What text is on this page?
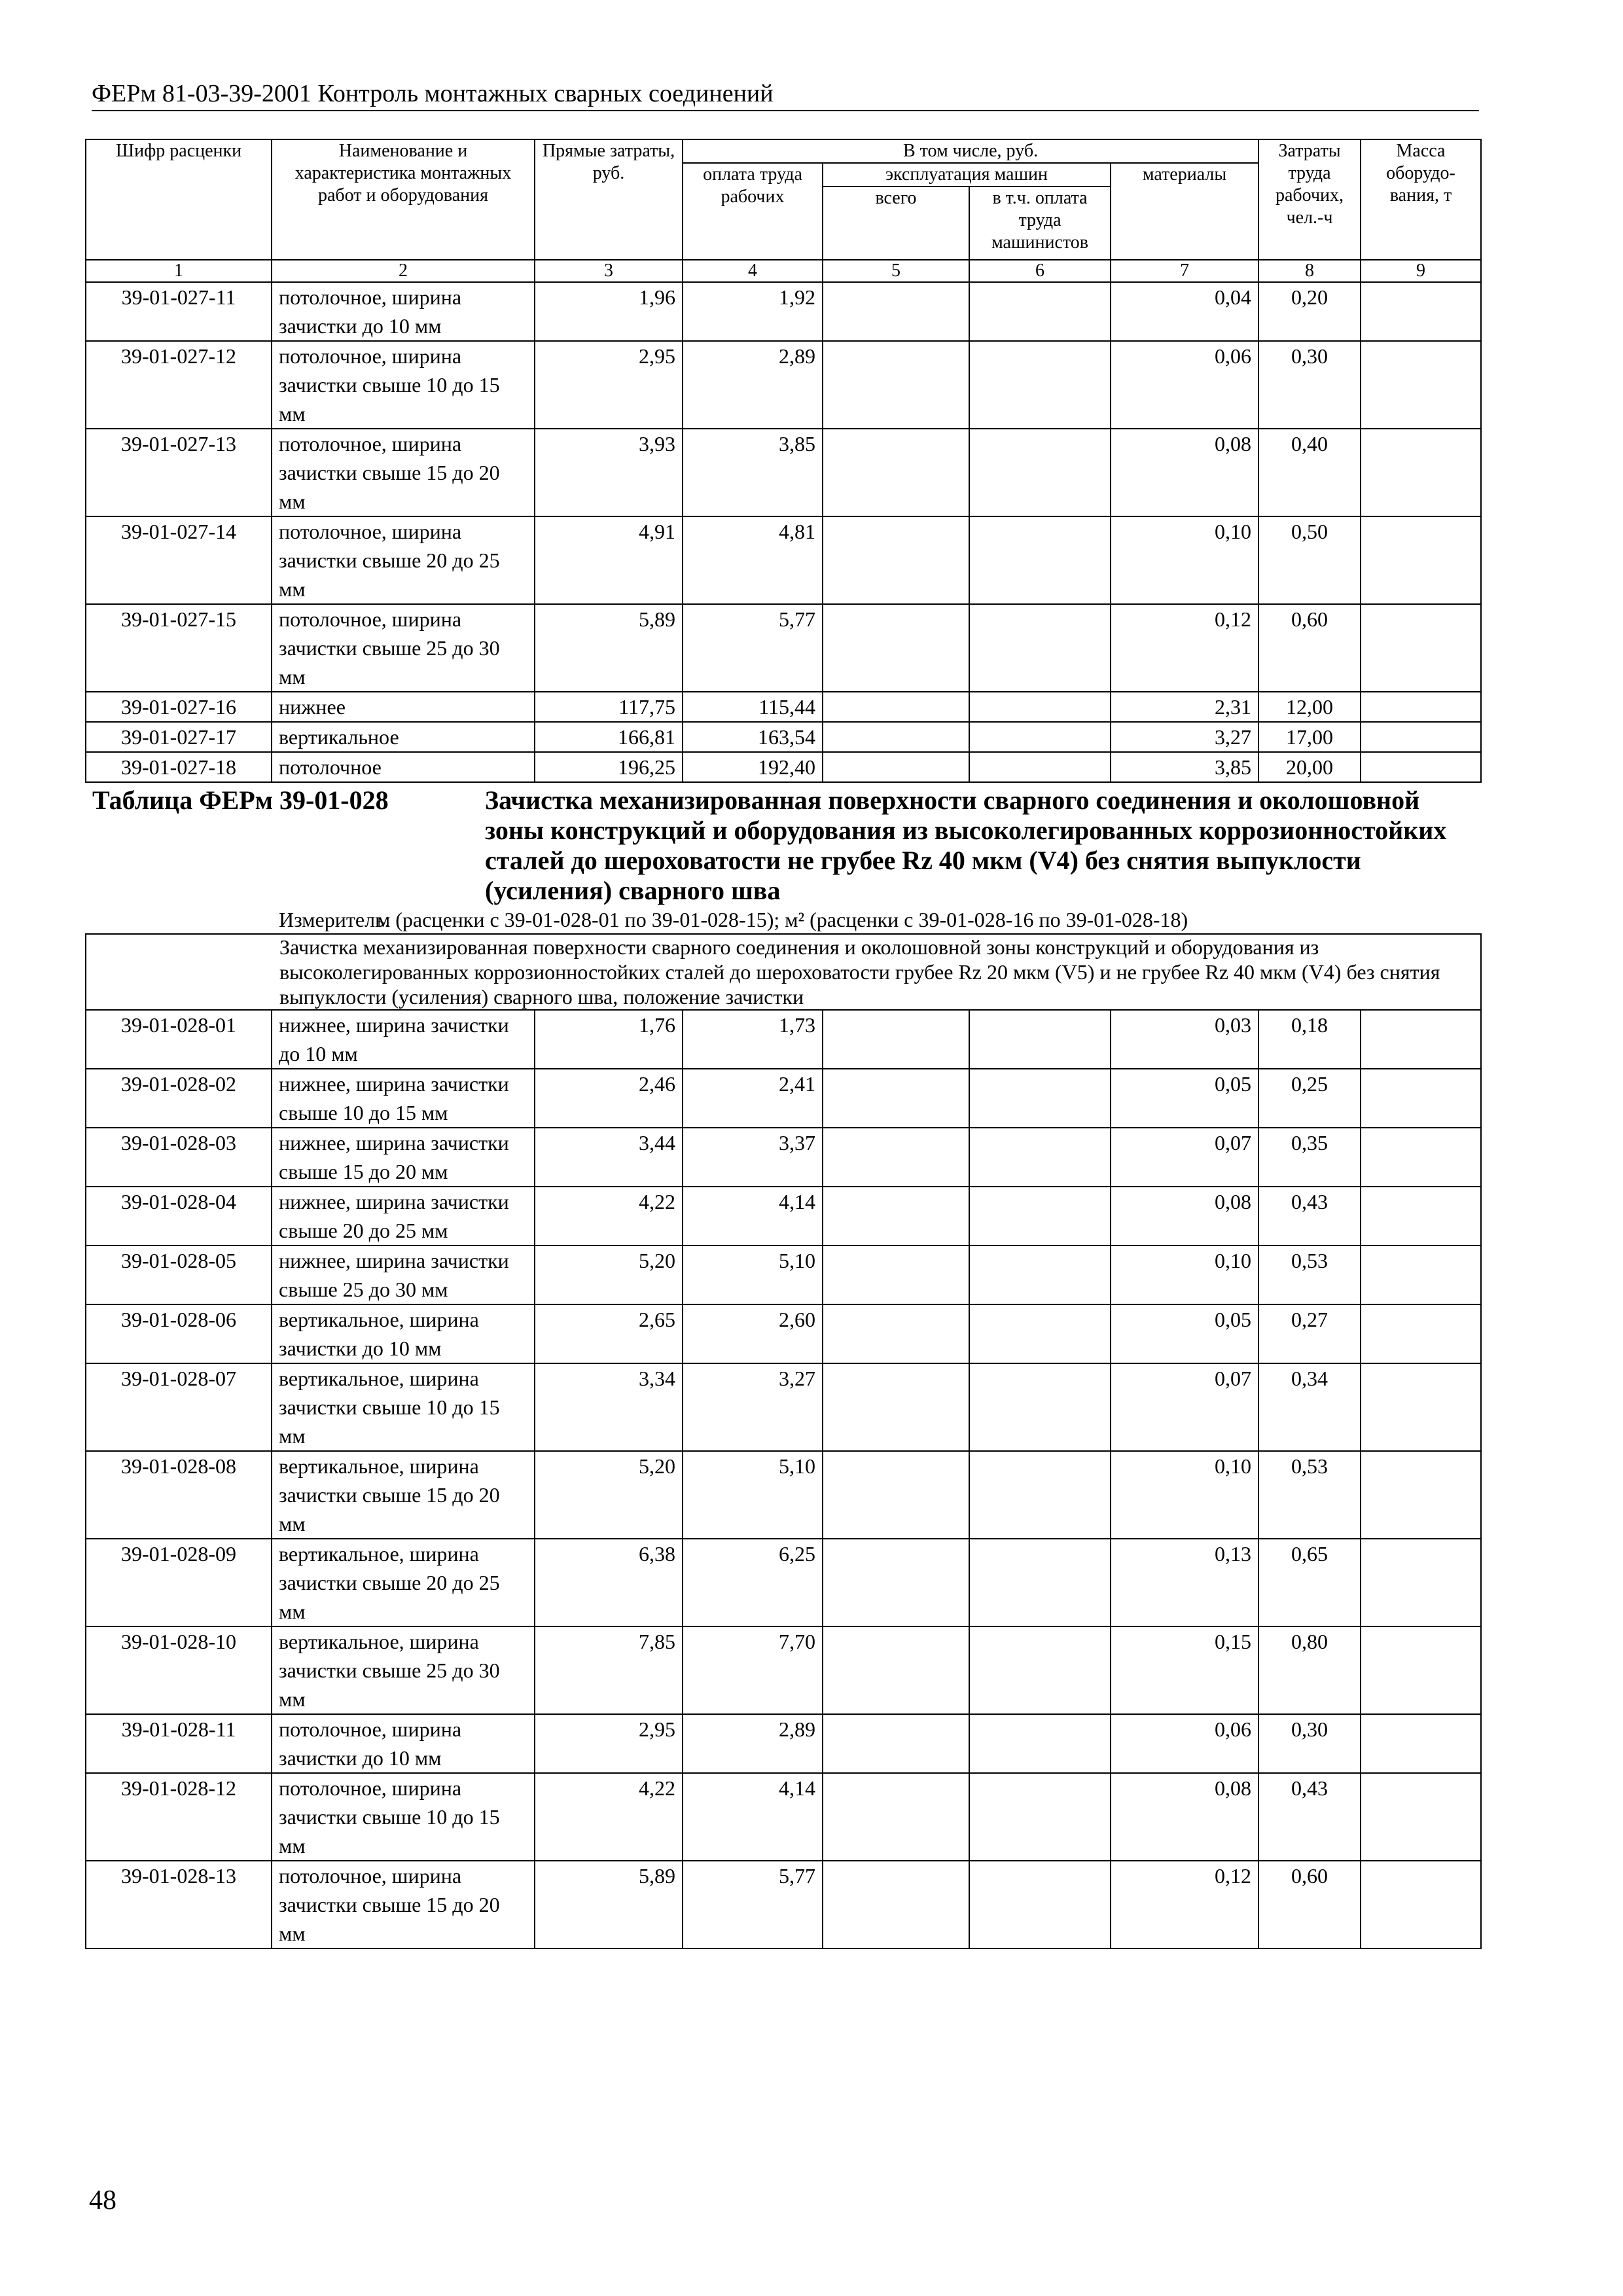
ФЕРм 81-03-39-2001 Контроль монтажных сварных соединений
Шифр расценки	Наименование и характеристика монтажных работ и оборудования	Прямые затраты, руб.	В том числе, руб.				Затраты труда рабочих, чел.-ч	Масса оборудо-вания, т
			оплата труда рабочих	эксплуатация машин		материалы		
				всего	в т.ч. оплата труда машинистов			
1	2	3	4	5	6	7	8	9
39-01-027-11	потолочное, ширина зачистки до 10 мм	1,96	1,92			0,04	0,20	
39-01-027-12	потолочное, ширина зачистки свыше 10 до 15 мм	2,95	2,89			0,06	0,30	
39-01-027-13	потолочное, ширина зачистки свыше 15 до 20 мм	3,93	3,85			0,08	0,40	
39-01-027-14	потолочное, ширина зачистки свыше 20 до 25 мм	4,91	4,81			0,10	0,50	
39-01-027-15	потолочное, ширина зачистки свыше 25 до 30 мм	5,89	5,77			0,12	0,60	
39-01-027-16	нижнее	117,75	115,44			2,31	12,00	
39-01-027-17	вертикальное	166,81	163,54			3,27	17,00	
39-01-027-18	потолочное	196,25	192,40			3,85	20,00	

Таблица ФЕРм 39-01-028 Зачистка механизированная поверхности сварного соединения и околошовной зоны конструкций и оборудования из высоколегированных коррозионностойких сталей до шероховатости не грубее Rz 40 мкм (V4) без снятия выпуклости (усиления) сварного шва
Измеритель:
м (расценки с 39-01-028-01 по 39-01-028-15); м² (расценки с 39-01-028-16 по 39-01-028-18)								

Зачистка механизированная поверхности сварного соединения и околошовной зоны конструкций и оборудования из высоколегированных коррозионностойких сталей до шероховатости грубее Rz 20 мкм (V5) и не грубее Rz 40 мкм (V4) без снятия выпуклости (усиления) сварного шва, положение зачистки								
39-01-028-01	нижнее, ширина зачистки до 10 мм	1,76	1,73			0,03	0,18	
39-01-028-02	нижнее, ширина зачистки свыше 10 до 15 мм	2,46	2,41			0,05	0,25	
39-01-028-03	нижнее, ширина зачистки свыше 15 до 20 мм	3,44	3,37			0,07	0,35	
39-01-028-04	нижнее, ширина зачистки свыше 20 до 25 мм	4,22	4,14			0,08	0,43	
39-01-028-05	нижнее, ширина зачистки свыше 25 до 30 мм	5,20	5,10			0,10	0,53	
39-01-028-06	вертикальное, ширина зачистки до 10 мм	2,65	2,60			0,05	0,27	
39-01-028-07	вертикальное, ширина зачистки свыше 10 до 15 мм	3,34	3,27			0,07	0,34	
39-01-028-08	вертикальное, ширина зачистки свыше 15 до 20 мм	5,20	5,10			0,10	0,53	
39-01-028-09	вертикальное, ширина зачистки свыше 20 до 25 мм	6,38	6,25			0,13	0,65	
39-01-028-10	вертикальное, ширина зачистки свыше 25 до 30 мм	7,85	7,70			0,15	0,80	
39-01-028-11	потолочное, ширина зачистки до 10 мм	2,95	2,89			0,06	0,30	
39-01-028-12	потолочное, ширина зачистки свыше 10 до 15 мм	4,22	4,14			0,08	0,43	
39-01-028-13	потолочное, ширина зачистки свыше 15 до 20 мм	5,89	5,77			0,12	0,60	
48
